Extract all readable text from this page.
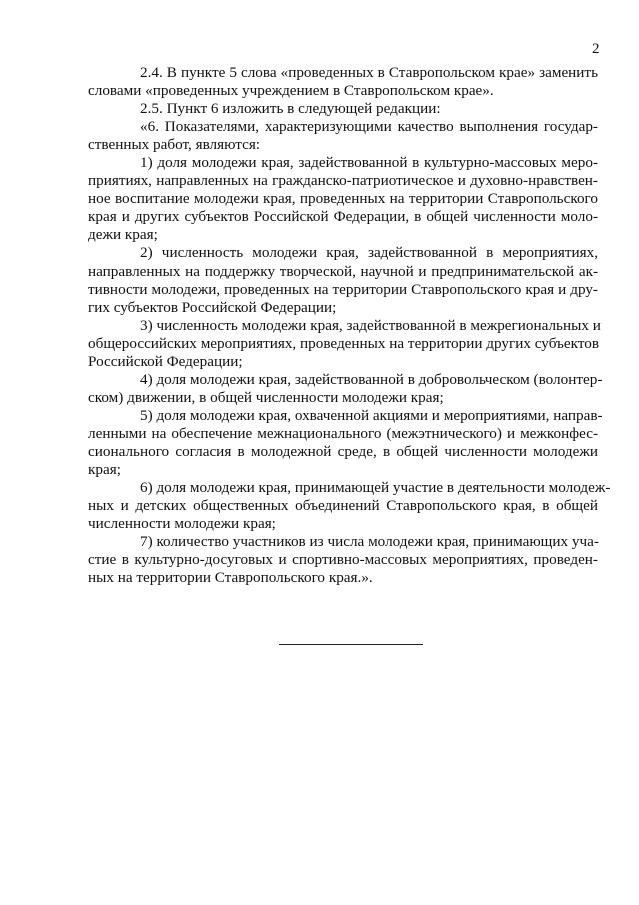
2
2.4. В пункте 5 слова «проведенных в Ставропольском крае» заменить
словами «проведенных учреждением в Ставропольском крае».
2.5. Пункт 6 изложить в следующей редакции:
«6. Показателями, характеризующими качество выполнения государ-
ственных работ, являются:
1) доля молодежи края, задействованной в культурно-массовых меро-
приятиях, направленных на гражданско-патриотическое и духовно-нравствен-
ное воспитание молодежи края, проведенных на территории Ставропольского
края и других субъектов Российской Федерации, в общей численности моло-
дежи края;
2) численность молодежи края, задействованной в мероприятиях,
направленных на поддержку творческой, научной и предпринимательской ак-
тивности молодежи, проведенных на территории Ставропольского края и дру-
гих субъектов Российской Федерации;
3) численность молодежи края, задействованной в межрегиональных и
общероссийских мероприятиях, проведенных на территории других субъектов
Российской Федерации;
4) доля молодежи края, задействованной в добровольческом (волонтер-
ском) движении, в общей численности молодежи края;
5) доля молодежи края, охваченной акциями и мероприятиями, направ-
ленными на обеспечение межнационального (межэтнического) и межконфес-
сионального согласия в молодежной среде, в общей численности молодежи
края;
6) доля молодежи края, принимающей участие в деятельности молодеж-
ных и детских общественных объединений Ставропольского края, в общей
численности молодежи края;
7) количество участников из числа молодежи края, принимающих уча-
стие в культурно-досуговых и спортивно-массовых мероприятиях, проведен-
ных на территории Ставропольского края.».
